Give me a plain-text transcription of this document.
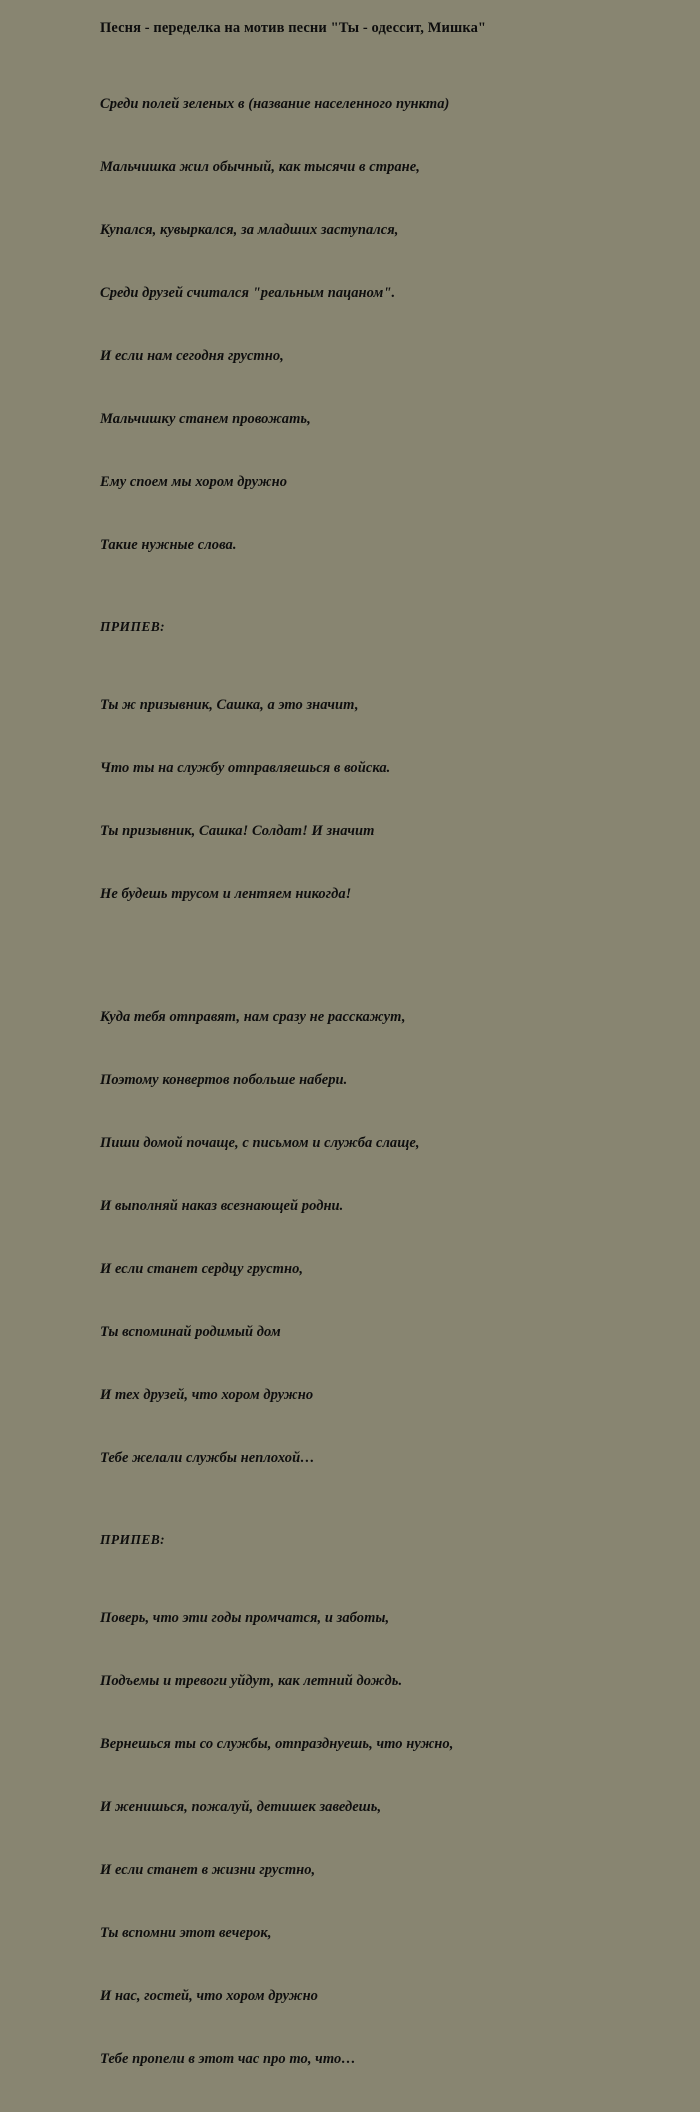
Песня - переделка на мотив песни "Ты - одессит, Мишка"

Среди полей зеленых в (название населенного пункта)

Мальчишка жил обычный, как тысячи в стране,

Купался, кувыркался, за младших заступался,

Среди друзей считался "реальным пацаном".

И если нам сегодня грустно,

Мальчишку станем провожать,

Ему споем мы хором дружно

Такие нужные слова.

ПРИПЕВ:

Ты ж призывник, Сашка, а это значит,

Что ты на службу отправляешься в войска.

Ты призывник, Сашка! Солдат! И значит

Не будешь трусом и лентяем никогда!

Куда тебя отправят, нам сразу не расскажут,

Поэтому конвертов побольше набери.

Пиши домой почаще, с письмом и служба слаще,

И выполняй наказ всезнающей родни.

И если станет сердцу грустно,

Ты вспоминай родимый дом

И тех друзей, что хором дружно

Тебе желали службы неплохой…

ПРИПЕВ:

Поверь, что эти годы промчатся, и заботы,

Подъемы и тревоги уйдут, как летний дождь.

Вернешься ты со службы, отпразднуешь, что нужно,

И женишься, пожалуй, детишек заведешь,

И если станет в жизни грустно,

Ты вспомни этот вечерок,

И нас, гостей, что хором дружно

Тебе пропели в этот час про то, что…
